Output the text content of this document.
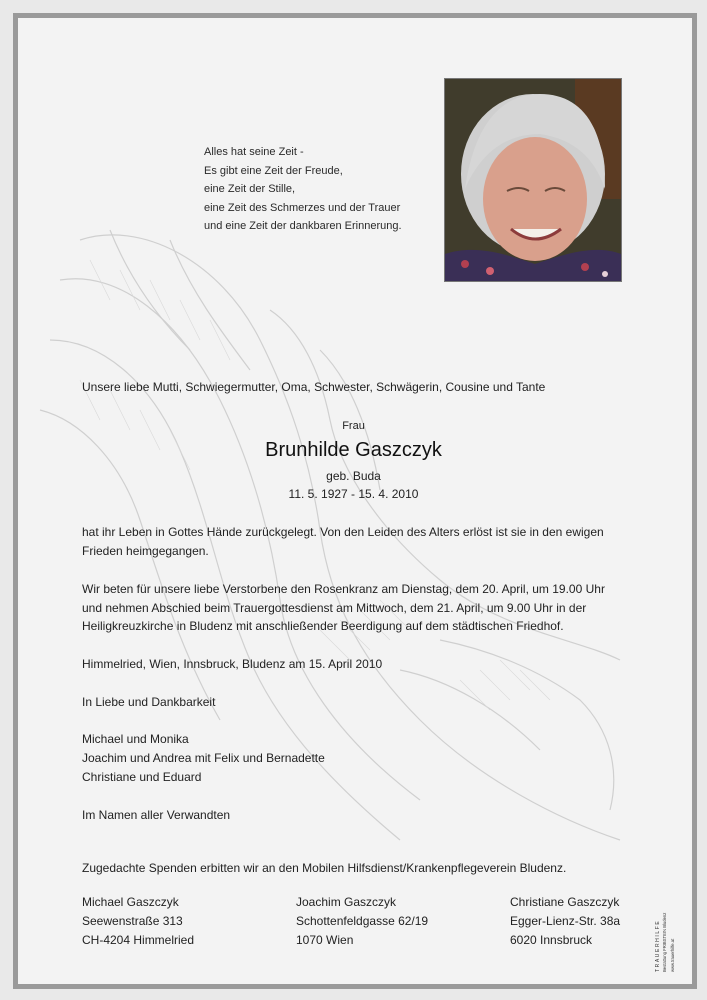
Alles hat seine Zeit -
Es gibt eine Zeit der Freude,
eine Zeit der Stille,
eine Zeit des Schmerzes und der Trauer
und eine Zeit der dankbaren Erinnerung.
Unsere liebe Mutti, Schwiegermutter, Oma, Schwester, Schwägerin, Cousine und Tante
Frau
Brunhilde Gaszczyk
geb. Buda
11. 5. 1927 - 15. 4. 2010

hat ihr Leben in Gottes Hände zurückgelegt. Von den Leiden des Alters erlöst ist sie in den ewigen Frieden heimgegangen.

Wir beten für unsere liebe Verstorbene den Rosenkranz am Dienstag, dem 20. April, um 19.00 Uhr und nehmen Abschied beim Trauergottesdienst am Mittwoch, dem 21. April, um 9.00 Uhr in der Heiligkreuzkirche in Bludenz mit anschließender Beerdigung auf dem städtischen Friedhof.

Himmelried, Wien, Innsbruck, Bludenz am 15. April 2010
In Liebe und Dankbarkeit
Michael und Monika
Joachim und Andrea mit Felix und Bernadette
Christiane und Eduard
Im Namen aller Verwandten
Zugedachte Spenden erbitten wir an den Mobilen Hilfsdienst/Krankenpflegeverein Bludenz.
Michael Gaszczyk
Seewenstraße 313
CH-4204 Himmelried
Joachim Gaszczyk
Schottenfeldgasse 62/19
1070 Wien
Christiane Gaszczyk
Egger-Lienz-Str. 38a
6020 Innsbruck	TRAUERHILFE Bestattung FRIBSTEIN Bludenz www.trauerhilfe.at
